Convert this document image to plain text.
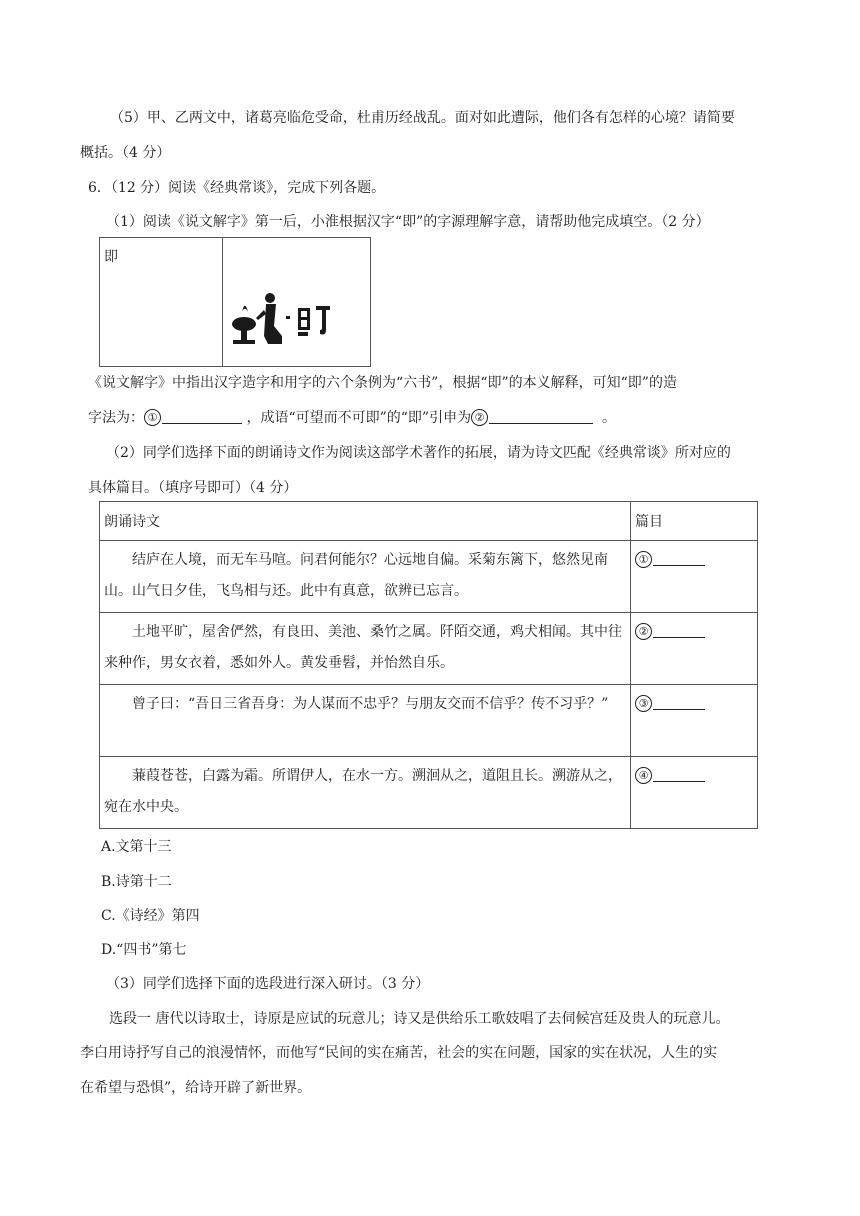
（5）甲、乙两文中，诸葛亮临危受命，杜甫历经战乱。面对如此遭际，他们各有怎样的心境？请简要
概括。（4 分）
6．（12 分）阅读《经典常谈》，完成下列各题。
（1）阅读《说文解字》第一后，小淮根据汉字“即”的字源理解字意，请帮助他完成填空。（2 分）
即
《说文解字》中指出汉字造字和用字的六个条例为“六书”，根据“即”的本义解释，可知“即”的造
字法为： ①	，成语“可望而不可即”的“即”引申为 ②	。
（2）同学们选择下面的朗诵诗文作为阅读这部学术著作的拓展，请为诗文匹配《经典常谈》所对应的
具体篇目。（填序号即可）（4 分）
朗诵诗文	篇目

结庐在人境，而无车马喧。问君何能尔？心远地自偏。采菊东篱下，悠然见南山。山气日夕佳，飞鸟相与还。此中有真意，欲辨已忘言。	①

土地平旷，屋舍俨然，有良田、美池、桑竹之属。阡陌交通，鸡犬相闻。其中往来种作，男女衣着，悉如外人。黄发垂髫，并怡然自乐。	②

曾子曰：“吾日三省吾身：为人谋而不忠乎？与朋友交而不信乎？传不习乎？”	③

蒹葭苍苍，白露为霜。所谓伊人，在水一方。溯洄从之，道阻且长。溯游从之，宛在水中央。	④
A.文第十三
B.诗第十二
C.《诗经》第四
D.“四书”第七
（3）同学们选择下面的选段进行深入研讨。（3 分）
选段一 唐代以诗取士，诗原是应试的玩意儿；诗又是供给乐工歌妓唱了去伺候宫廷及贵人的玩意儿。
李白用诗抒写自己的浪漫情怀，而他写“民间的实在痛苦，社会的实在问题，国家的实在状况，人生的实
在希望与恐惧”，给诗开辟了新世界。
